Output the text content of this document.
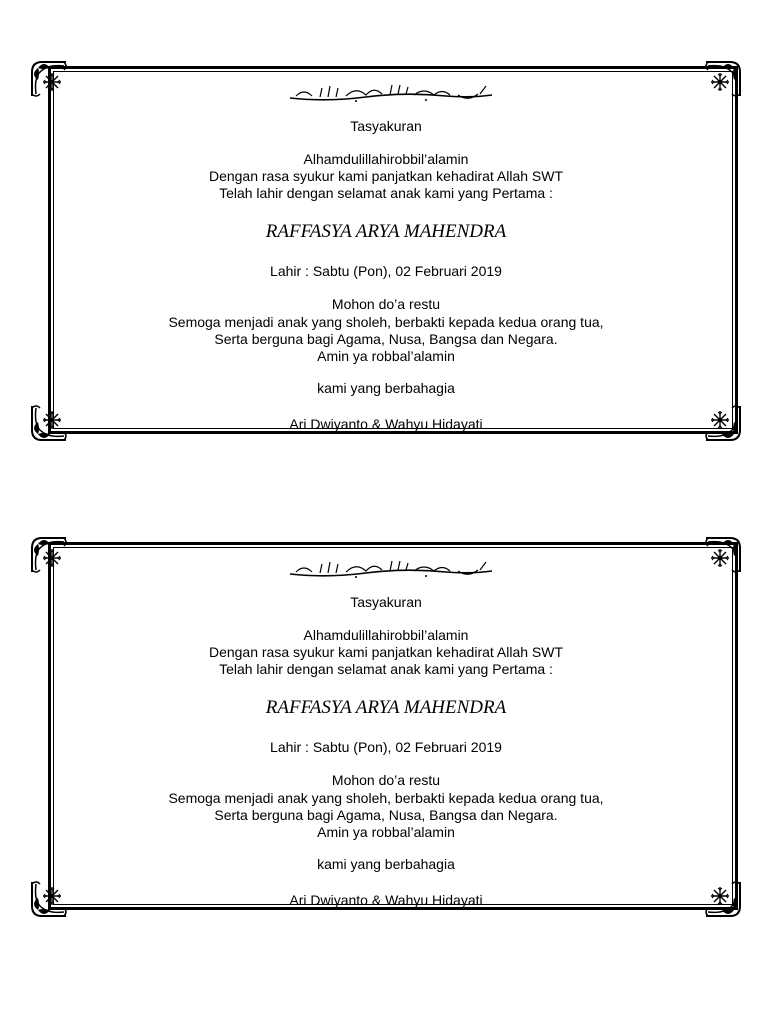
Tasyakuran
Alhamdulillahirobbil’alamin
Dengan rasa syukur kami panjatkan kehadirat Allah SWT
Telah lahir dengan selamat anak kami yang Pertama :
RAFFASYA ARYA MAHENDRA
Lahir : Sabtu (Pon), 02 Februari 2019
Mohon do’a restu
Semoga menjadi anak yang sholeh, berbakti kepada kedua orang tua,
Serta berguna bagi Agama, Nusa, Bangsa dan Negara.
Amin ya robbal’alamin
kami yang berbahagia
Ari Dwiyanto & Wahyu Hidayati
Tasyakuran
Alhamdulillahirobbil’alamin
Dengan rasa syukur kami panjatkan kehadirat Allah SWT
Telah lahir dengan selamat anak kami yang Pertama :
RAFFASYA ARYA MAHENDRA
Lahir : Sabtu (Pon), 02 Februari 2019
Mohon do’a restu
Semoga menjadi anak yang sholeh, berbakti kepada kedua orang tua,
Serta berguna bagi Agama, Nusa, Bangsa dan Negara.
Amin ya robbal’alamin
kami yang berbahagia
Ari Dwiyanto & Wahyu Hidayati
